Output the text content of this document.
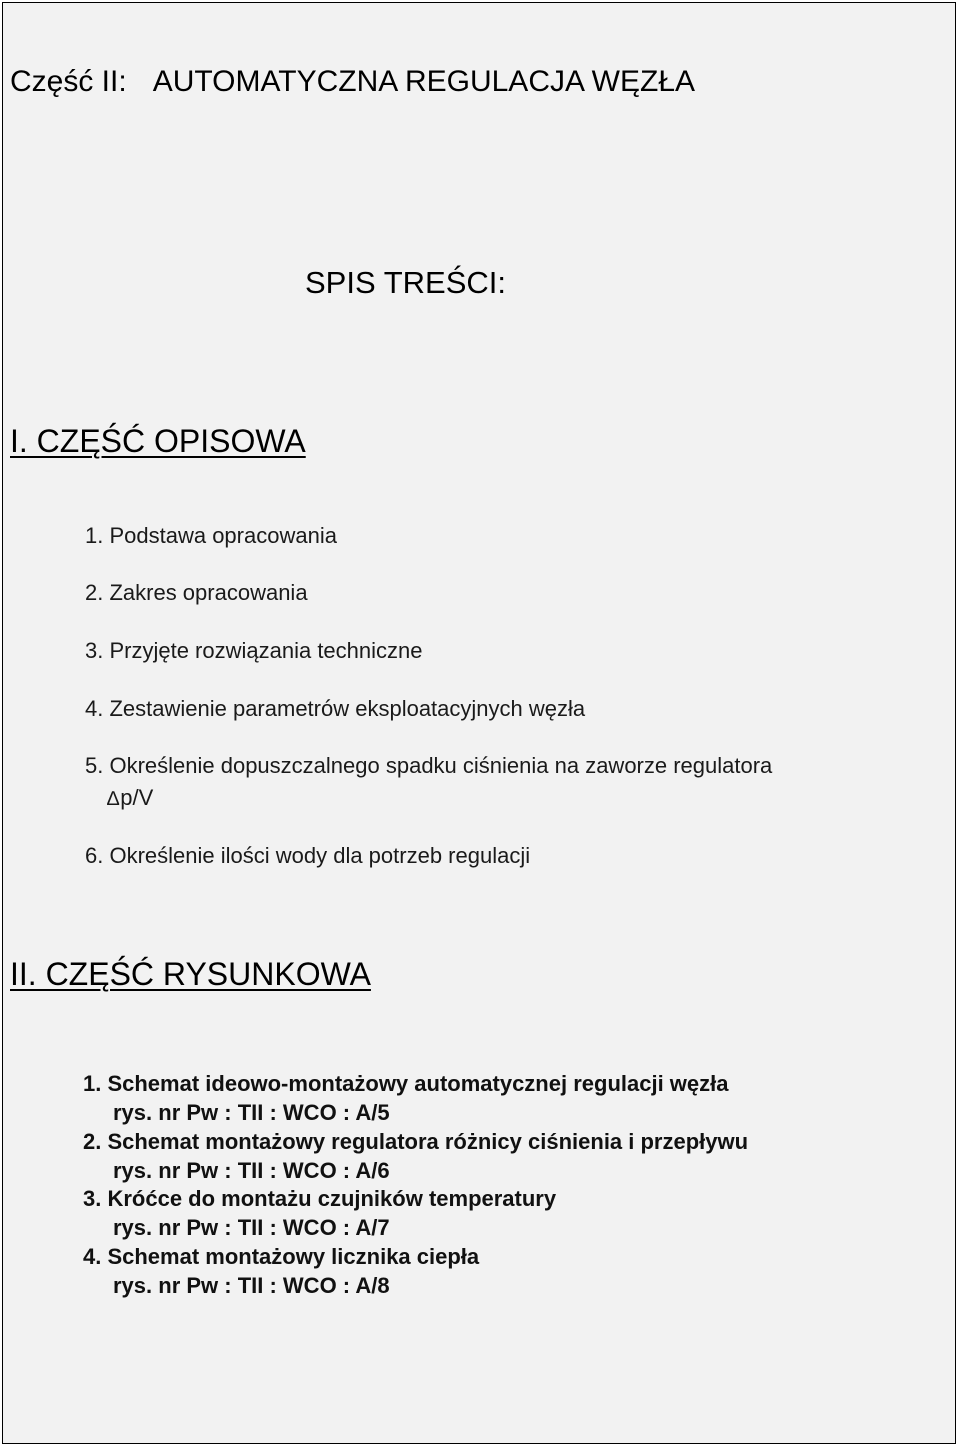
Część II: AUTOMATYCZNA REGULACJA WĘZŁA
SPIS TREŚCI:
I. CZĘŚĆ OPISOWA
1. Podstawa opracowania
2. Zakres opracowania
3. Przyjęte rozwiązania techniczne
4. Zestawienie parametrów eksploatacyjnych węzła
5. Określenie dopuszczalnego spadku ciśnienia na zaworze regulatora
∆p/V
6. Określenie ilości wody dla potrzeb regulacji
II. CZĘŚĆ RYSUNKOWA
1. Schemat ideowo-montażowy automatycznej regulacji węzła
rys. nr Pw : TII : WCO : A/5
2. Schemat montażowy regulatora różnicy ciśnienia i przepływu
rys. nr Pw : TII : WCO : A/6
3. Króćce do montażu czujników temperatury
rys. nr Pw : TII : WCO : A/7
4. Schemat montażowy licznika ciepła
rys. nr Pw : TII : WCO : A/8
